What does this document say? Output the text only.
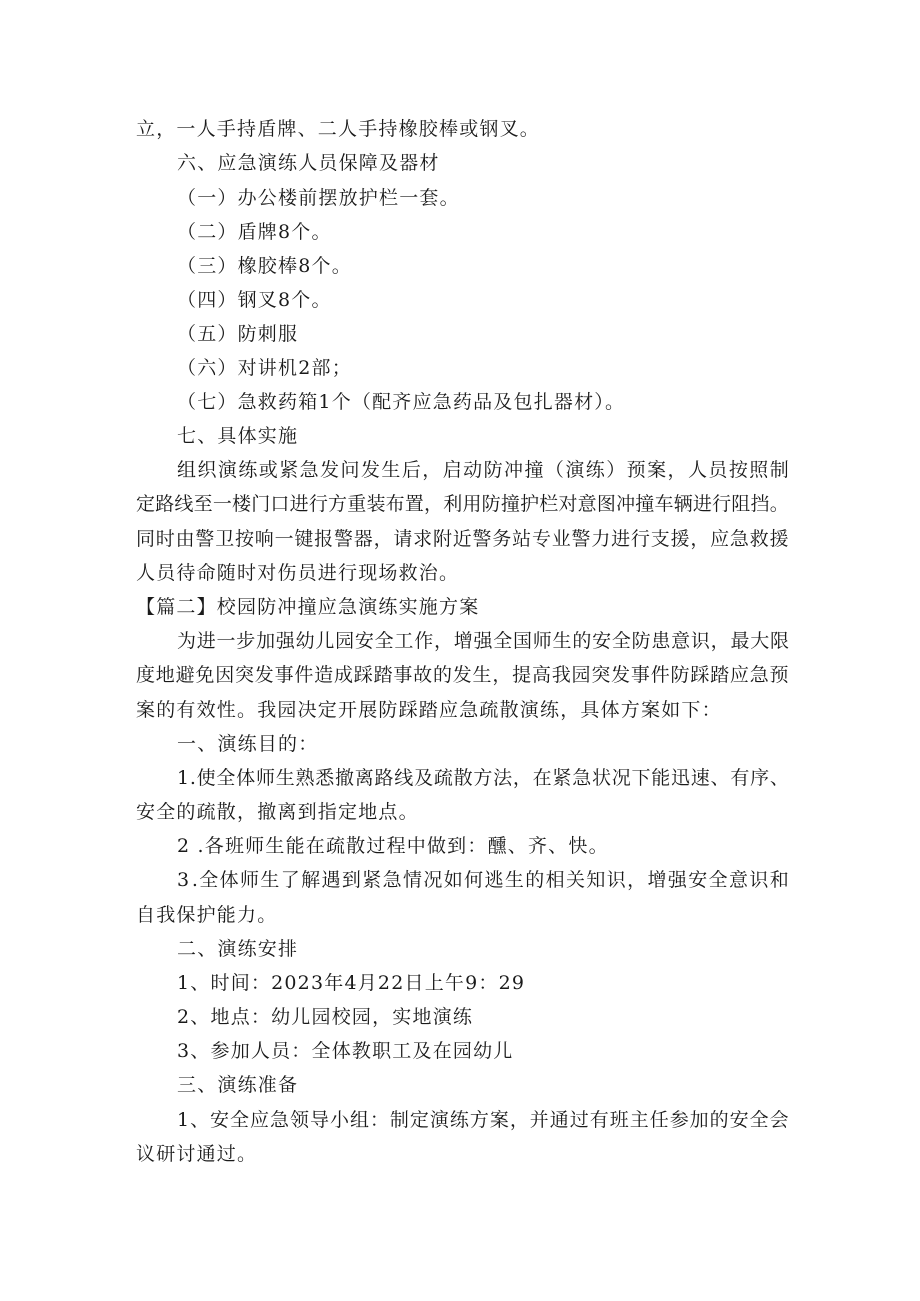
立，一人手持盾牌、二人手持橡胶棒或钢叉。
六、应急演练人员保障及器材
（一）办公楼前摆放护栏一套。
（二）盾牌8个。
（三）橡胶棒8个。
（四）钢叉8个。
（五）防刺服
（六）对讲机2部；
（七）急救药箱1个（配齐应急药品及包扎器材）。
七、具体实施
组 织 演 练 或 紧 急 发 问 发 生 后 ， 启 动 防 冲 撞 （ 演 练 ） 预 案 ， 人 员 按 照 制
定 路 线 至 一 楼 门 口 进 行 方 重 装 布 置 ， 利 用 防 撞 护 栏 对 意 图 冲 撞 车 辆 进 行 阻 挡 。
同 时 由 警 卫 按 响 一 键 报 警 器 ， 请 求 附 近 警 务 站 专 业 警 力 进 行 支 援 ， 应 急 救 援
人员待命随时对伤员进行现场救治。
【篇二】校园防冲撞应急演练实施方案
为 进 一 步 加 强 幼 儿 园 安 全 工 作 ， 增 强 全 国 师 生 的 安 全 防 患 意 识 ， 最 大 限
度 地 避 免 因 突 发 事 件 造 成 踩 踏 事 故 的 发 生 ， 提 高 我 园 突 发 事 件 防 踩 踏 应 急 预
案的有效性。我园决定开展防踩踏应急疏散演练，具体方案如下：
一、演练目的：
1 . 使 全 体 师 生 熟 悉 撤 离 路 线 及 疏 散 方 法 ， 在 紧 急 状 况 下 能 迅 速 、 有 序 、
安全的疏散，撤离到指定地点。
2 .各班师生能在疏散过程中做到：醺、齐、快。
3 . 全 体 师 生 了 解 遇 到 紧 急 情 况 如 何 逃 生 的 相 关 知 识 ， 增 强 安 全 意 识 和
自我保护能力。
二、演练安排
1、时间：2023年4月22日上午9：29
2、地点：幼儿园校园，实地演练
3、参加人员：全体教职工及在园幼儿
三、演练准备
1 、 安 全 应 急 领 导 小 组 ： 制 定 演 练 方 案 ， 并 通 过 有 班 主 任 参 加 的 安 全 会
议研讨通过。
